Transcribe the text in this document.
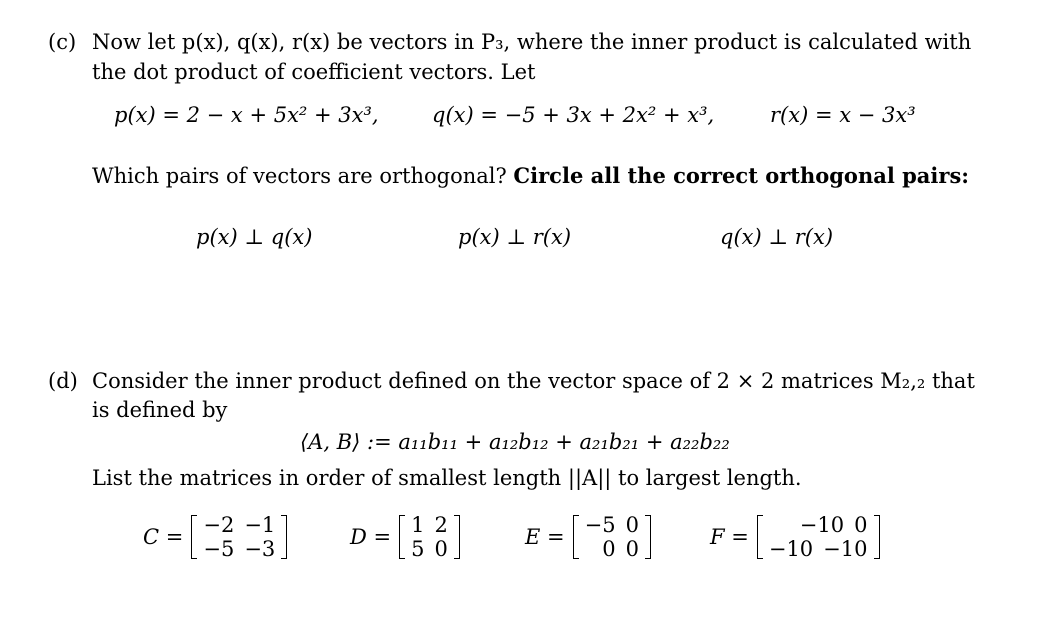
(c) Now let p(x), q(x), r(x) be vectors in P₃, where the inner product is calculated with
the dot product of coefficient vectors. Let
p(x) = 2 − x + 5x² + 3x³,	q(x) = −5 + 3x + 2x² + x³,	r(x) = x − 3x³
Which pairs of vectors are orthogonal? Circle all the correct orthogonal pairs:
p(x) ⊥ q(x)	p(x) ⊥ r(x)	q(x) ⊥ r(x)
(d) Consider the inner product defined on the vector space of 2 × 2 matrices M₂,₂ that
is defined by
⟨A, B⟩ := a₁₁b₁₁ + a₁₂b₁₂ + a₂₁b₂₁ + a₂₂b₂₂
List the matrices in order of smallest length ||A|| to largest length.
C = −2 −1
−5 −3	D = 1 2
5 0	E = −5 0
0 0	F = −10 0
−10 −10
